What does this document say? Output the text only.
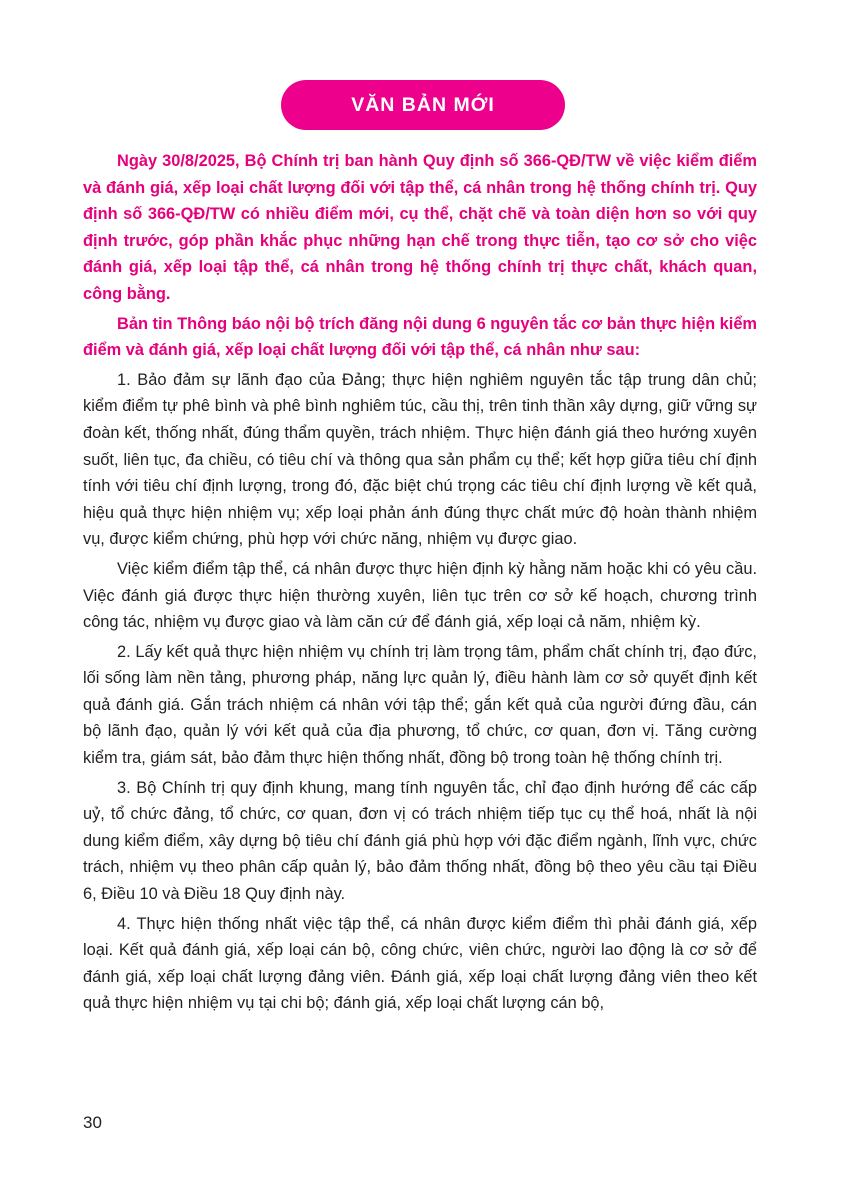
VĂN BẢN MỚI

Ngày 30/8/2025, Bộ Chính trị ban hành Quy định số 366-QĐ/TW về việc kiểm điểm và đánh giá, xếp loại chất lượng đối với tập thể, cá nhân trong hệ thống chính trị. Quy định số 366-QĐ/TW có nhiều điểm mới, cụ thể, chặt chẽ và toàn diện hơn so với quy định trước, góp phần khắc phục những hạn chế trong thực tiễn, tạo cơ sở cho việc đánh giá, xếp loại tập thể, cá nhân trong hệ thống chính trị thực chất, khách quan, công bằng.

Bản tin Thông báo nội bộ trích đăng nội dung 6 nguyên tắc cơ bản thực hiện kiểm điểm và đánh giá, xếp loại chất lượng đối với tập thể, cá nhân như sau:

1. Bảo đảm sự lãnh đạo của Đảng; thực hiện nghiêm nguyên tắc tập trung dân chủ; kiểm điểm tự phê bình và phê bình nghiêm túc, cầu thị, trên tinh thần xây dựng, giữ vững sự đoàn kết, thống nhất, đúng thẩm quyền, trách nhiệm. Thực hiện đánh giá theo hướng xuyên suốt, liên tục, đa chiều, có tiêu chí và thông qua sản phẩm cụ thể; kết hợp giữa tiêu chí định tính với tiêu chí định lượng, trong đó, đặc biệt chú trọng các tiêu chí định lượng về kết quả, hiệu quả thực hiện nhiệm vụ; xếp loại phản ánh đúng thực chất mức độ hoàn thành nhiệm vụ, được kiểm chứng, phù hợp với chức năng, nhiệm vụ được giao.

Việc kiểm điểm tập thể, cá nhân được thực hiện định kỳ hằng năm hoặc khi có yêu cầu. Việc đánh giá được thực hiện thường xuyên, liên tục trên cơ sở kế hoạch, chương trình công tác, nhiệm vụ được giao và làm căn cứ để đánh giá, xếp loại cả năm, nhiệm kỳ.

2. Lấy kết quả thực hiện nhiệm vụ chính trị làm trọng tâm, phẩm chất chính trị, đạo đức, lối sống làm nền tảng, phương pháp, năng lực quản lý, điều hành làm cơ sở quyết định kết quả đánh giá. Gắn trách nhiệm cá nhân với tập thể; gắn kết quả của người đứng đầu, cán bộ lãnh đạo, quản lý với kết quả của địa phương, tổ chức, cơ quan, đơn vị. Tăng cường kiểm tra, giám sát, bảo đảm thực hiện thống nhất, đồng bộ trong toàn hệ thống chính trị.

3. Bộ Chính trị quy định khung, mang tính nguyên tắc, chỉ đạo định hướng để các cấp uỷ, tổ chức đảng, tổ chức, cơ quan, đơn vị có trách nhiệm tiếp tục cụ thể hoá, nhất là nội dung kiểm điểm, xây dựng bộ tiêu chí đánh giá phù hợp với đặc điểm ngành, lĩnh vực, chức trách, nhiệm vụ theo phân cấp quản lý, bảo đảm thống nhất, đồng bộ theo yêu cầu tại Điều 6, Điều 10 và Điều 18 Quy định này.

4. Thực hiện thống nhất việc tập thể, cá nhân được kiểm điểm thì phải đánh giá, xếp loại. Kết quả đánh giá, xếp loại cán bộ, công chức, viên chức, người lao động là cơ sở để đánh giá, xếp loại chất lượng đảng viên. Đánh giá, xếp loại chất lượng đảng viên theo kết quả thực hiện nhiệm vụ tại chi bộ; đánh giá, xếp loại chất lượng cán bộ,

30
